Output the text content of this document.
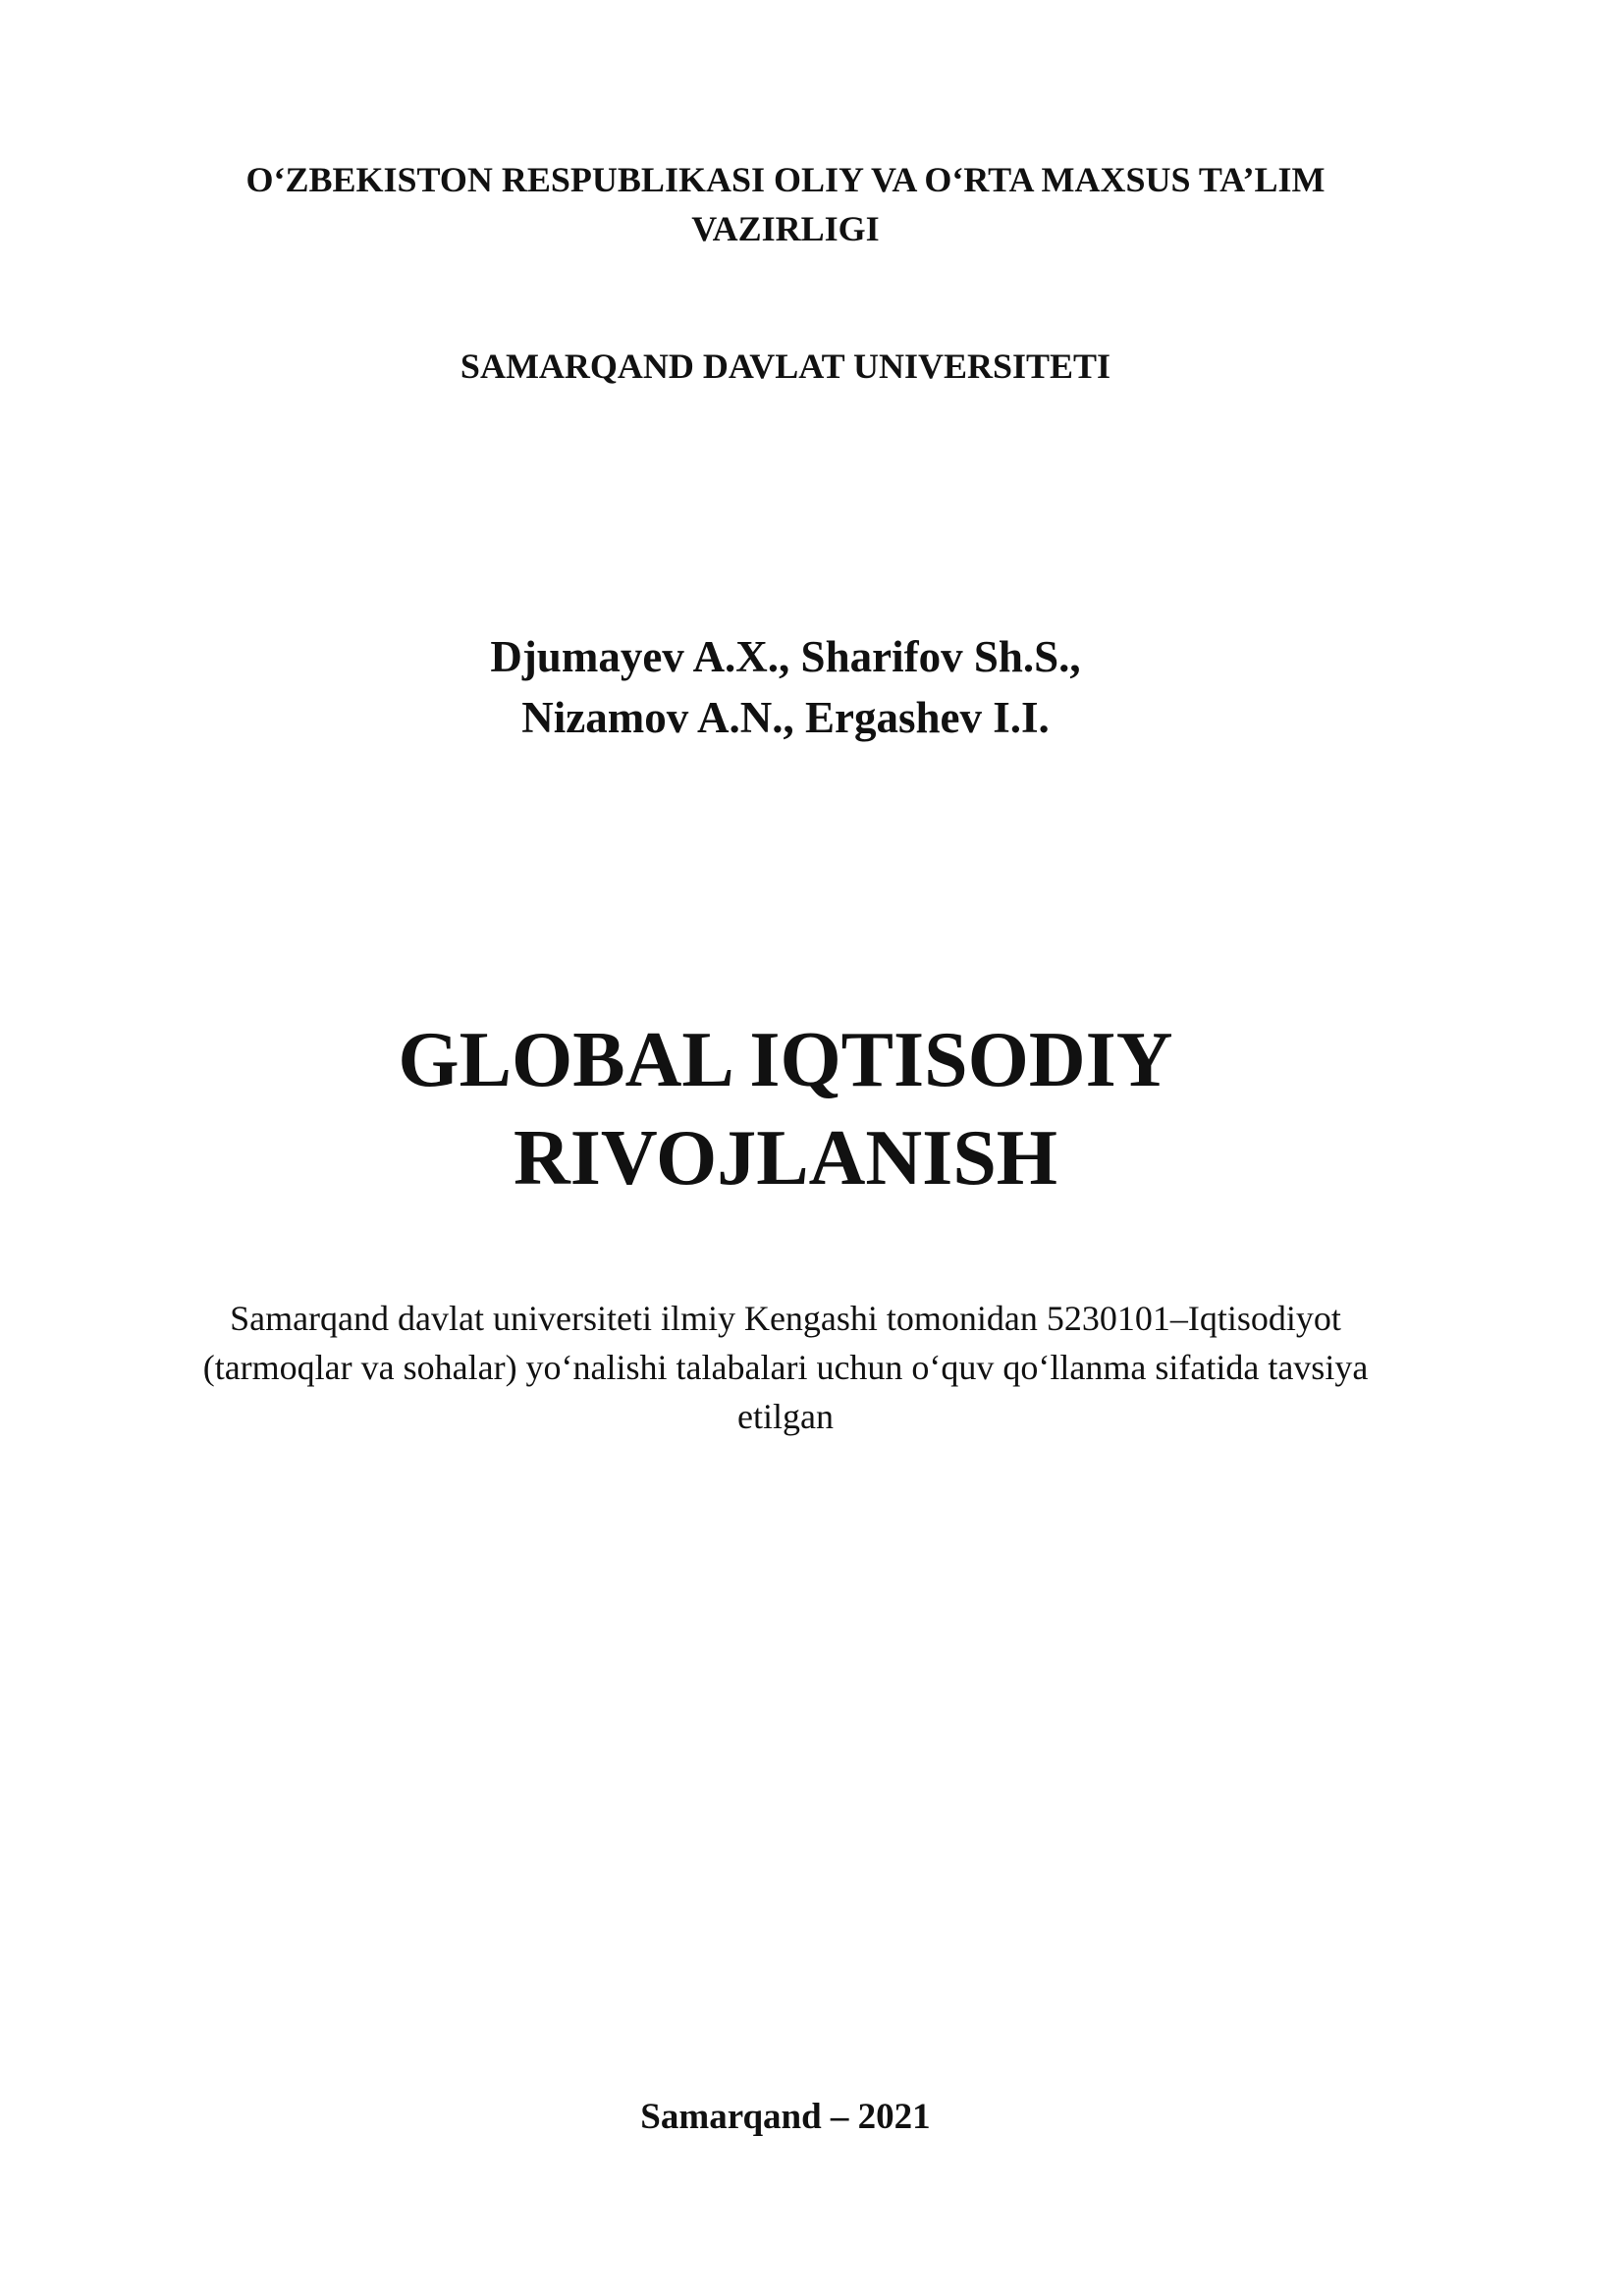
O‘ZBEKISTON RESPUBLIKASI OLIY VA O‘RTA MAXSUS TA’LIM
VAZIRLIGI
SAMARQAND DAVLAT UNIVERSITETI
Djumayev A.X., Sharifov Sh.S.,
Nizamov A.N., Ergashev I.I.
GLOBAL IQTISODIY
RIVOJLANISH
Samarqand davlat universiteti ilmiy Kengashi tomonidan 5230101–Iqtisodiyot
(tarmoqlar va sohalar) yo‘nalishi talabalari uchun o‘quv qo‘llanma sifatida tavsiya
etilgan
Samarqand – 2021
